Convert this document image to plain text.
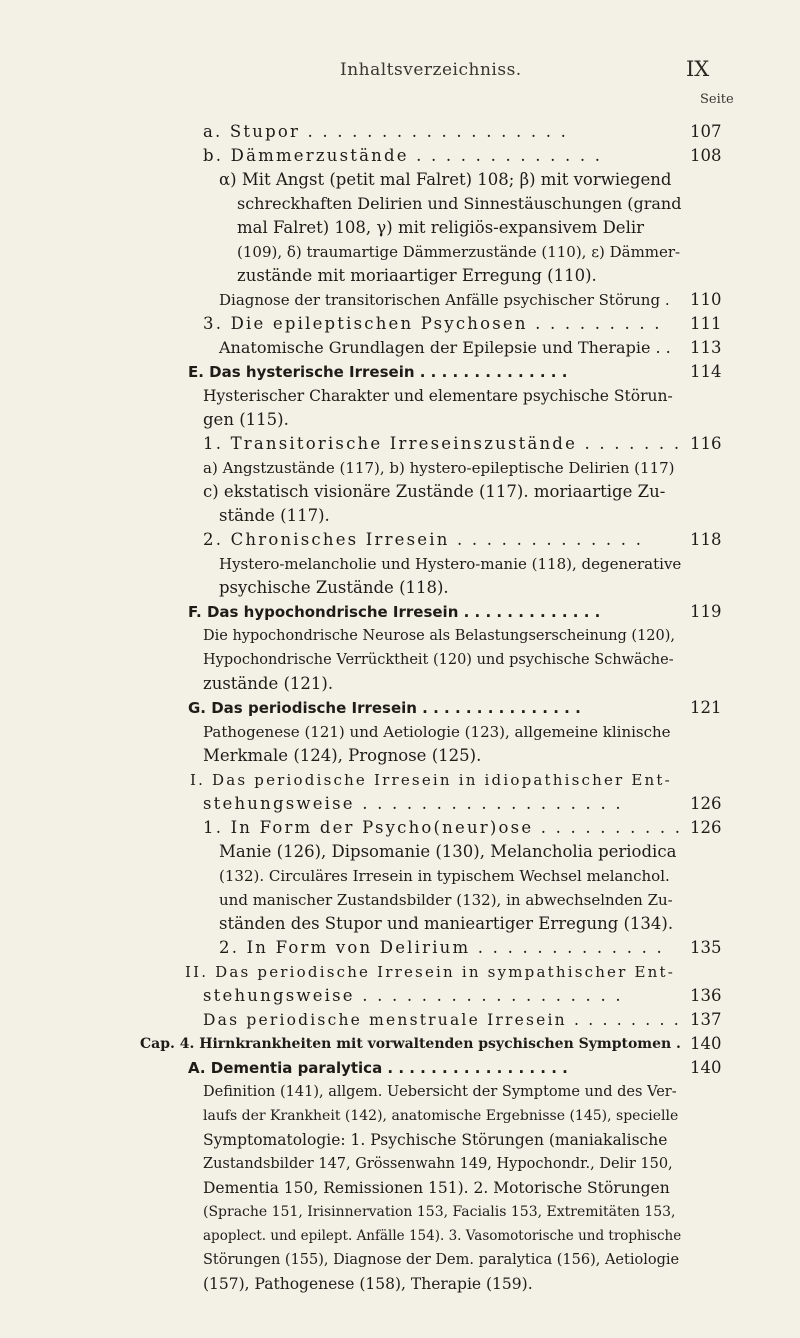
Inhaltsverzeichniss.	IX
Seite
a. Stupor . . . . . . . . . . . . . . . . . .	107
b. Dämmerzustände . . . . . . . . . . . . .	108
α) Mit Angst (petit mal Falret) 108; β) mit vorwiegend
schreckhaften Delirien und Sinnestäuschungen (grand
mal Falret) 108, γ) mit religiös-expansivem Delir
(109), δ) traumartige Dämmerzustände (110), ε) Dämmer-
zustände mit moriaartiger Erregung (110).
Diagnose der transitorischen Anfälle psychischer Störung . 110
3. Die epileptischen Psychosen . . . . . . . . . 111
Anatomische Grundlagen der Epilepsie und Therapie . . 113
E. Das hysterische Irresein . . . . . . . . . . . . . .	114
Hysterischer Charakter und elementare psychische Störun-
gen (115).
1. Transitorische Irreseinszustände . . . . . . . 116
a) Angstzustände (117), b) hystero-epileptische Delirien (117)
c) ekstatisch visionäre Zustände (117). moriaartige Zu-
stände (117).
2. Chronisches Irresein . . . . . . . . . . . . .	118
Hystero-melancholie und Hystero-manie (118), degenerative
psychische Zustände (118).
F. Das hypochondrische Irresein . . . . . . . . . . . . .	119
Die hypochondrische Neurose als Belastungserscheinung (120),
Hypochondrische Verrücktheit (120) und psychische Schwäche-
zustände (121).
G. Das periodische Irresein . . . . . . . . . . . . . . .	121
Pathogenese (121) und Aetiologie (123), allgemeine klinische
Merkmale (124), Prognose (125).
I. Das periodische Irresein in idiopathischer Ent-
stehungsweise . . . . . . . . . . . . . . . . . .	126
1. In Form der Psycho(neur)ose . . . . . . . . . . 126
Manie (126), Dipsomanie (130), Melancholia periodica
(132). Circuläres Irresein in typischem Wechsel melanchol.
und manischer Zustandsbilder (132), in abwechselnden Zu-
ständen des Stupor und manieartiger Erregung (134).
2. In Form von Delirium . . . . . . . . . . . . . 135
II. Das periodische Irresein in sympathischer Ent-
stehungsweise . . . . . . . . . . . . . . . . . .	136
Das periodische menstruale Irresein . . . . . . . . 137
Cap. 4. Hirnkrankheiten mit vorwaltenden psychischen Symptomen . 140
A. Dementia paralytica . . . . . . . . . . . . . . . . .	140
Definition (141), allgem. Uebersicht der Symptome und des Ver-
laufs der Krankheit (142), anatomische Ergebnisse (145), specielle
Symptomatologie: 1. Psychische Störungen (maniakalische
Zustandsbilder 147, Grössenwahn 149, Hypochondr., Delir 150,
Dementia 150, Remissionen 151). 2. Motorische Störungen
(Sprache 151, Irisinnervation 153, Facialis 153, Extremitäten 153,
apoplect. und epilept. Anfälle 154). 3. Vasomotorische und trophische
Störungen (155), Diagnose der Dem. paralytica (156), Aetiologie
(157), Pathogenese (158), Therapie (159).
